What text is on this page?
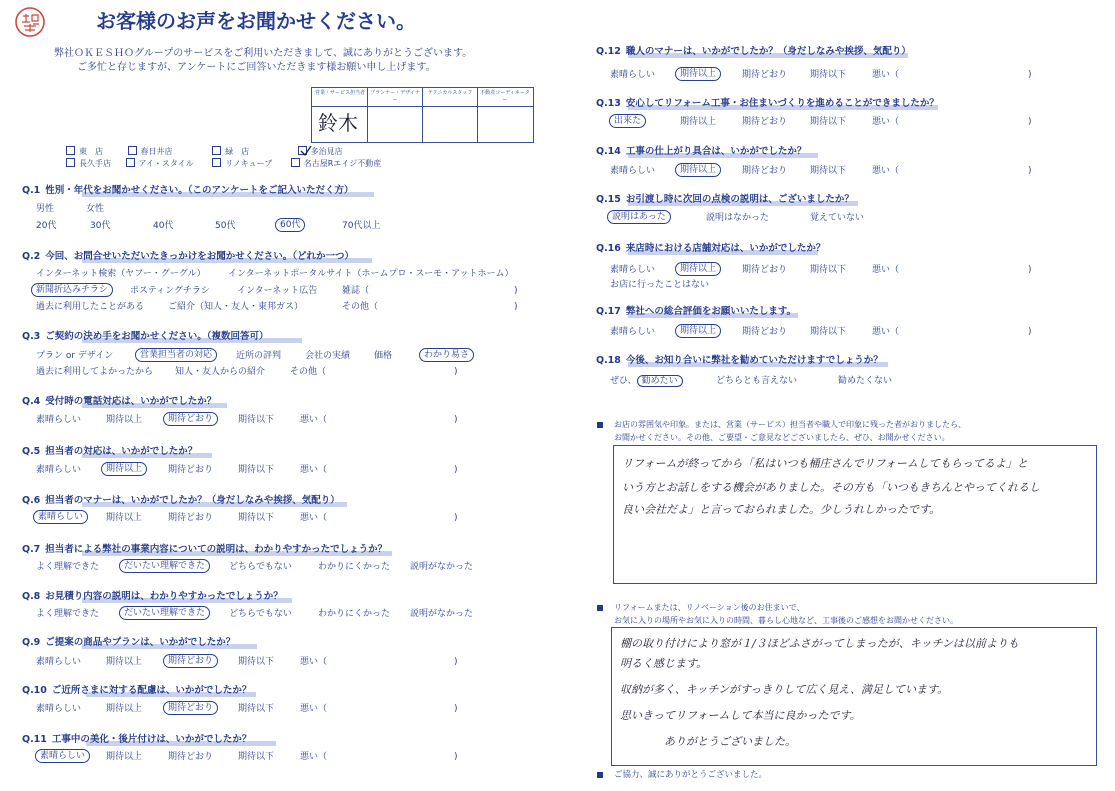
お客様のお声をお聞かせください。
弊社ＯＫＥＳＨＯグループのサービスをご利用いただきまして、誠にありがとうございます。
ご多忙と存じますが、アンケートにご回答いただきます様お願い申し上げます。
営業・サービス担当者 プランナー・デザイナー
テクニカルスタッフ	不動産コーディネーター
鈴木
東　店	春日井店	緑　店	多治見店
長久手店	アイ・スタイル	リノキューブ	名古屋Rエイジ不動産
Q.1 性別・年代をお聞かせください。（このアンケートをご記入いただく方）
男性	女性
20代	30代	40代	50代	60代	70代以上
Q.2 今回、お問合せいただいたきっかけをお聞かせください。（どれか一つ）
インターネット検索（ヤフー・グーグル） インターネットポータルサイト（ホームプロ・スーモ・アットホーム）
新聞折込みチラシ	ポスティングチラシ	インターネット広告	雑誌（	)
過去に利用したことがある	ご紹介（知人・友人・東邦ガス）	その他（	)
Q.3 ご契約の決め手をお聞かせください。（複数回答可）
プラン or デザイン	営業担当者の対応	近所の評判	会社の実績	価格	わかり易さ
過去に利用してよかったから 知人・友人からの紹介	その他（	)
Q.4 受付時の電話対応は、いかがでしたか？
素晴らしい	期待以上	期待どおり	期待以下	悪い（	)
Q.5 担当者の対応は、いかがでしたか？
素晴らしい	期待以上	期待どおり	期待以下	悪い（	)
Q.6 担当者のマナーは、いかがでしたか？（身だしなみや挨拶、気配り）
素晴らしい	期待以上	期待どおり	期待以下	悪い（	)
Q.7 担当者による弊社の事業内容についての説明は、わかりやすかったでしょうか？
よく理解できた	だいたい理解できた	どちらでもない	わかりにくかった 説明がなかった
Q.8 お見積り内容の説明は、わかりやすかったでしょうか？
よく理解できた	だいたい理解できた	どちらでもない	わかりにくかった 説明がなかった
Q.9 ご提案の商品やプランは、いかがでしたか？
素晴らしい	期待以上	期待どおり	期待以下	悪い（	)
Q.10 ご近所さまに対する配慮は、いかがでしたか？
素晴らしい	期待以上	期待どおり	期待以下	悪い（	)
Q.11 工事中の美化・後片付けは、いかがでしたか？
素晴らしい	期待以上	期待どおり	期待以下	悪い（	)
Q.12 職人のマナーは、いかがでしたか？（身だしなみや挨拶、気配り）
素晴らしい	期待以上	期待どおり	期待以下	悪い（	)
Q.13 安心してリフォーム工事・お住まいづくりを進めることができましたか？
出来た	期待以上	期待どおり	期待以下	悪い（	)
Q.14 工事の仕上がり具合は、いかがでしたか？
素晴らしい	期待以上	期待どおり	期待以下	悪い（	)
Q.15 お引渡し時に次回の点検の説明は、ございましたか？
説明はあった	説明はなかった	覚えていない
Q.16 来店時における店舗対応は、いかがでしたか？
素晴らしい	期待以上	期待どおり	期待以下	悪い（	)
お店に行ったことはない
Q.17 弊社への総合評価をお願いいたします。
素晴らしい	期待以上	期待どおり	期待以下	悪い（	)
Q.18 今後、お知り合いに弊社を勧めていただけますでしょうか？
ぜひ、 勧めたい	どちらとも言えない	勧めたくない
お店の雰囲気や印象。または、営業（サービス）担当者や職人で印象に残った者がおりましたら、
お聞かせください。その他、ご要望・ご意見などございましたら、ぜひ、お聞かせください。
リフォームが終ってから「私はいつも桶庄さんでリフォームしてもらってるよ」と
いう方とお話しをする機会がありました。その方も「いつもきちんとやってくれるし
良い会社だよ」と言っておられました。少しうれしかったです。
リフォームまたは、リノベーション後のお住まいで、
お気に入りの場所やお気に入りの時間、暮らし心地など、工事後のご感想をお聞かせください。
棚の取り付けにより窓が１/３ほどふさがってしまったが、キッチンは以前よりも
明るく感じます。
収納が多く、キッチンがすっきりして広く見え、満足しています。
思いきってリフォームして本当に良かったです。
ありがとうございました。
ご協力、誠にありがとうございました。
